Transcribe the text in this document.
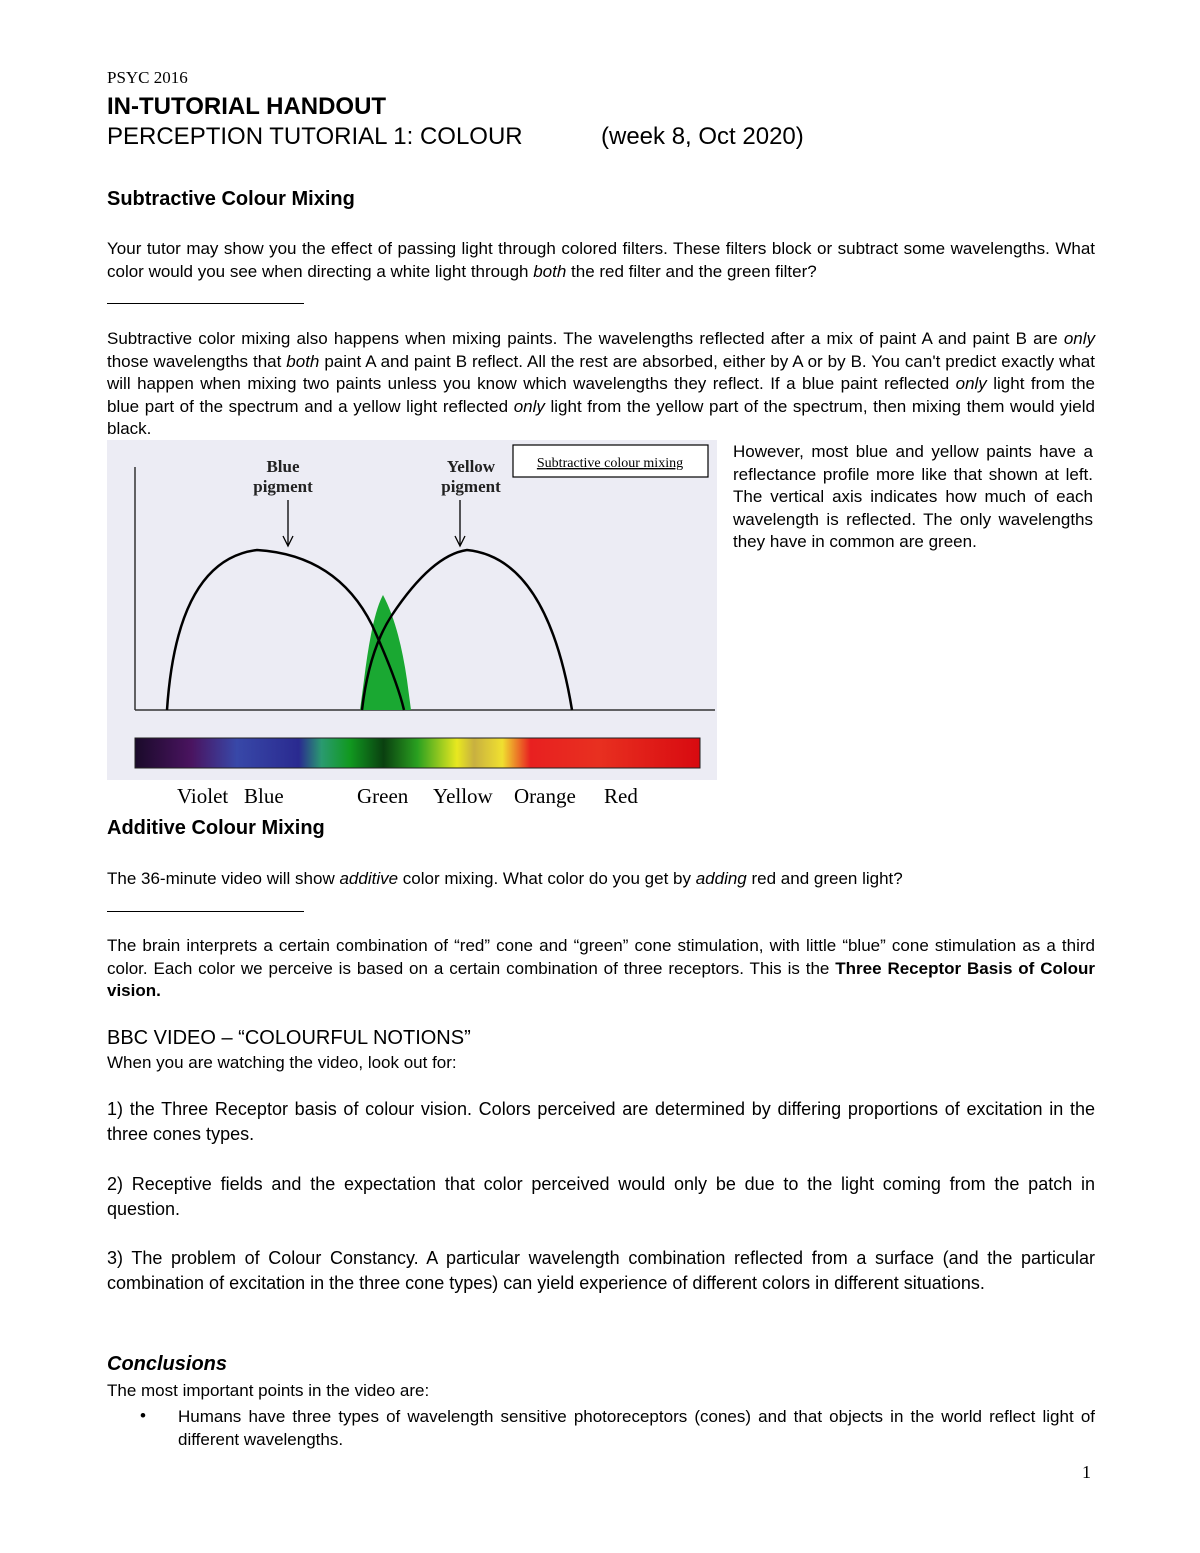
PSYC 2016
IN-TUTORIAL HANDOUT
PERCEPTION TUTORIAL 1: COLOUR	(week 8, Oct 2020)
Subtractive Colour Mixing
Your tutor may show you the effect of passing light through colored filters. These filters block or subtract some wavelengths. What color would you see when directing a white light through both the red filter and the green filter?
Subtractive color mixing also happens when mixing paints. The wavelengths reflected after a mix of paint A and paint B are only those wavelengths that both paint A and paint B reflect. All the rest are absorbed, either by A or by B. You can't predict exactly what will happen when mixing two paints unless you know which wavelengths they reflect. If a blue paint reflected only light from the blue part of the spectrum and a yellow light reflected only light from the yellow part of the spectrum, then mixing them would yield black.
Blue
pigment
Yellow
pigment
Subtractive colour mixing
Violet Blue	Green Yellow Orange Red
However, most blue and yellow paints have a reflectance profile more like that shown at left. The vertical axis indicates how much of each wavelength is reflected. The only wavelengths they have in common are green.
Additive Colour Mixing
The 36-minute video will show additive color mixing. What color do you get by adding red and green light?
The brain interprets a certain combination of “red” cone and “green” cone stimulation, with little “blue” cone stimulation as a third color. Each color we perceive is based on a certain combination of three receptors. This is the Three Receptor Basis of Colour vision.
BBC VIDEO – “COLOURFUL NOTIONS”
When you are watching the video, look out for:
1) the Three Receptor basis of colour vision. Colors perceived are determined by differing proportions of excitation in the three cones types.
2) Receptive fields and the expectation that color perceived would only be due to the light coming from the patch in question.
3) The problem of Colour Constancy. A particular wavelength combination reflected from a surface (and the particular combination of excitation in the three cone types) can yield experience of different colors in different situations.
Conclusions
The most important points in the video are:
• Humans have three types of wavelength sensitive photoreceptors (cones) and that objects in the world reflect light of different wavelengths.
1
